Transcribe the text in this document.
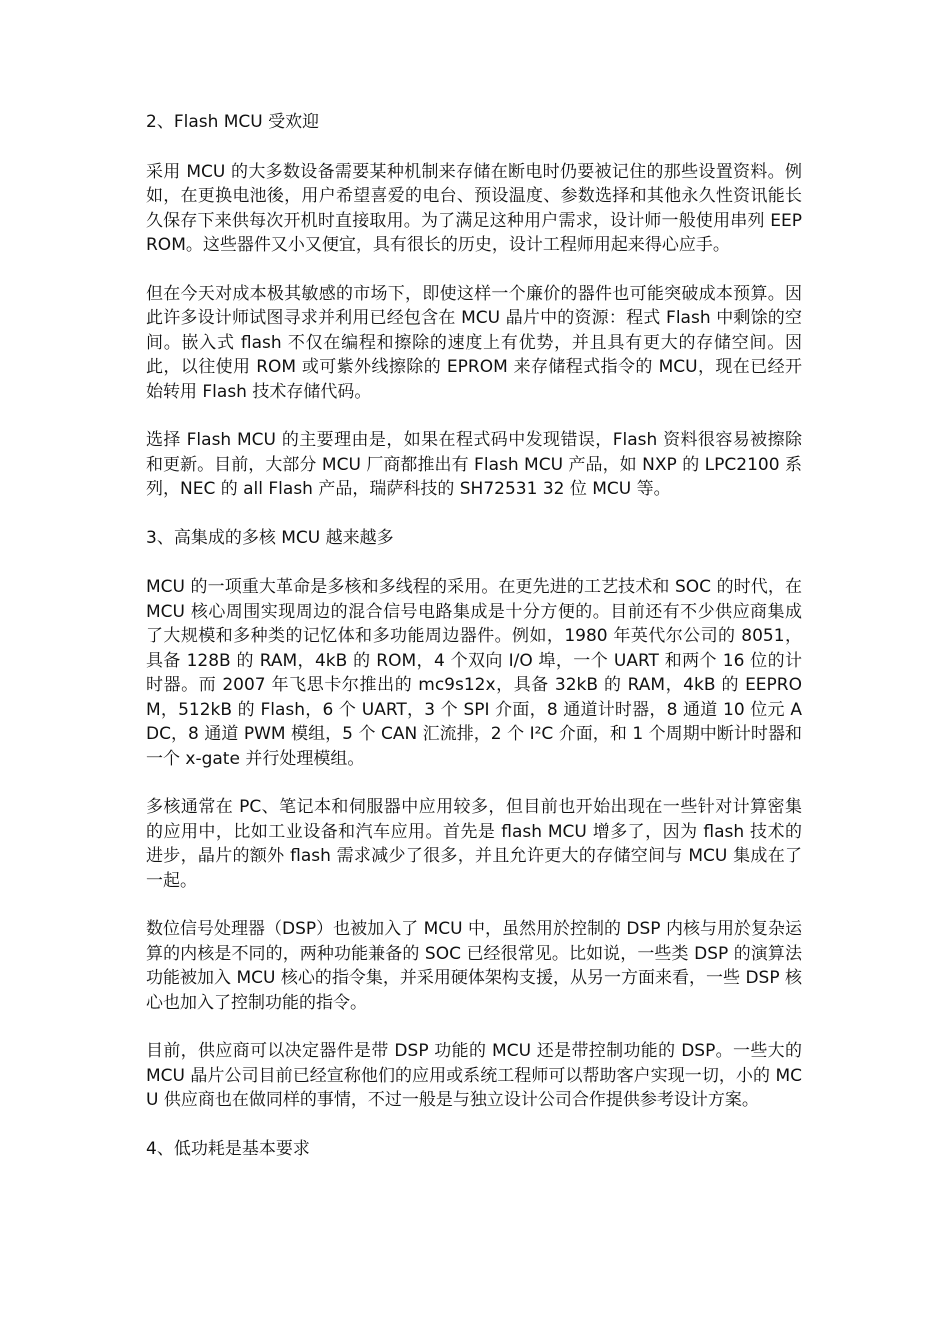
2、Flash MCU 受欢迎

采用 MCU 的大多数设备需要某种机制来存储在断电时仍要被记住的那些设置资料。例如，在更换电池後，用户希望喜爱的电台、预设温度、参数选择和其他永久性资讯能长久保存下来供每次开机时直接取用。为了满足这种用户需求，设计师一般使用串列 EEPROM。这些器件又小又便宜，具有很长的历史，设计工程师用起来得心应手。

但在今天对成本极其敏感的市场下，即使这样一个廉价的器件也可能突破成本预算。因此许多设计师试图寻求并利用已经包含在 MCU 晶片中的资源：程式 Flash 中剩馀的空间。嵌入式 flash 不仅在编程和擦除的速度上有优势，并且具有更大的存储空间。因此，以往使用 ROM 或可紫外线擦除的 EPROM 来存储程式指令的 MCU，现在已经开始转用 Flash 技术存储代码。

选择 Flash MCU 的主要理由是，如果在程式码中发现错误，Flash 资料很容易被擦除和更新。目前，大部分 MCU 厂商都推出有 Flash MCU 产品，如 NXP 的 LPC2100 系列，NEC 的 all Flash 产品，瑞萨科技的 SH72531 32 位 MCU 等。

3、高集成的多核 MCU 越来越多

MCU 的一项重大革命是多核和多线程的采用。在更先进的工艺技术和 SOC 的时代，在 MCU 核心周围实现周边的混合信号电路集成是十分方便的。目前还有不少供应商集成了大规模和多种类的记忆体和多功能周边器件。例如，1980 年英代尔公司的 8051，具备 128B 的 RAM，4kB 的 ROM，4 个双向 I/O 埠，一个 UART 和两个 16 位的计时器。而 2007 年飞思卡尔推出的 mc9s12x，具备 32kB 的 RAM，4kB 的 EEPROM，512kB 的 Flash，6 个 UART，3 个 SPI 介面，8 通道计时器，8 通道 10 位元 ADC，8 通道 PWM 模组，5 个 CAN 汇流排，2 个 I²C 介面，和 1 个周期中断计时器和一个 x-gate 并行处理模组。

多核通常在 PC、笔记本和伺服器中应用较多，但目前也开始出现在一些针对计算密集的应用中，比如工业设备和汽车应用。首先是 flash MCU 增多了，因为 flash 技术的进步，晶片的额外 flash 需求减少了很多，并且允许更大的存储空间与 MCU 集成在了一起。

数位信号处理器（DSP）也被加入了 MCU 中，虽然用於控制的 DSP 内核与用於复杂运算的内核是不同的，两种功能兼备的 SOC 已经很常见。比如说，一些类 DSP 的演算法功能被加入 MCU 核心的指令集，并采用硬体架构支援，从另一方面来看，一些 DSP 核心也加入了控制功能的指令。

目前，供应商可以决定器件是带 DSP 功能的 MCU 还是带控制功能的 DSP。一些大的 MCU 晶片公司目前已经宣称他们的应用或系统工程师可以帮助客户实现一切，小的 MCU 供应商也在做同样的事情，不过一般是与独立设计公司合作提供参考设计方案。

4、低功耗是基本要求
